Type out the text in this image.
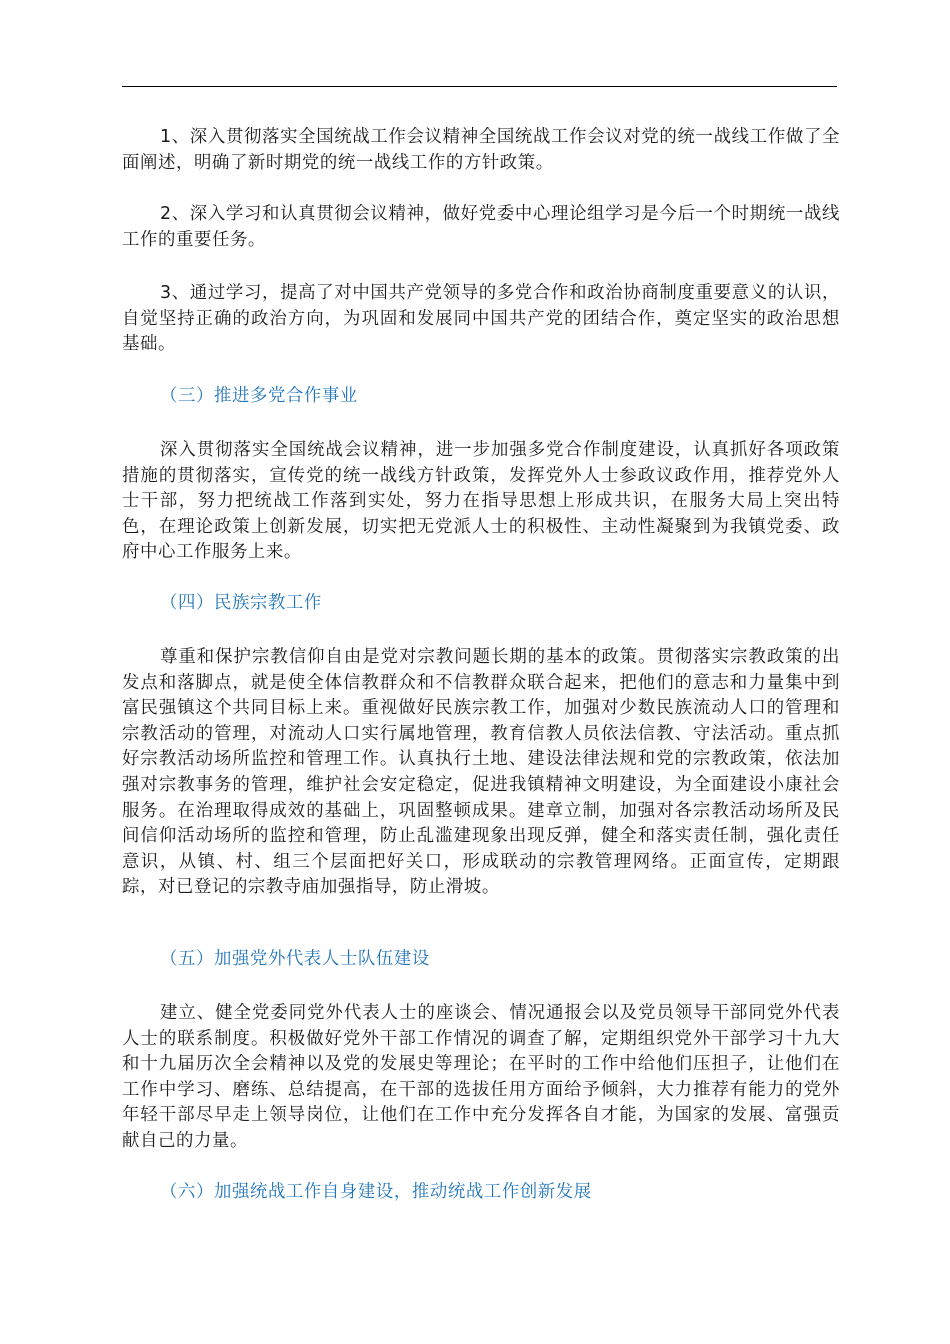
1、深入贯彻落实全国统战工作会议精神全国统战工作会议对党的统一战线工作做了全面阐述，明确了新时期党的统一战线工作的方针政策。

2、深入学习和认真贯彻会议精神，做好党委中心理论组学习是今后一个时期统一战线工作的重要任务。

3、通过学习，提高了对中国共产党领导的多党合作和政治协商制度重要意义的认识，自觉坚持正确的政治方向，为巩固和发展同中国共产党的团结合作，奠定坚实的政治思想基础。

（三）推进多党合作事业

深入贯彻落实全国统战会议精神，进一步加强多党合作制度建设，认真抓好各项政策措施的贯彻落实，宣传党的统一战线方针政策，发挥党外人士参政议政作用，推荐党外人士干部，努力把统战工作落到实处，努力在指导思想上形成共识，在服务大局上突出特色，在理论政策上创新发展，切实把无党派人士的积极性、主动性凝聚到为我镇党委、政府中心工作服务上来。

（四）民族宗教工作

尊重和保护宗教信仰自由是党对宗教问题长期的基本的政策。贯彻落实宗教政策的出发点和落脚点，就是使全体信教群众和不信教群众联合起来，把他们的意志和力量集中到富民强镇这个共同目标上来。重视做好民族宗教工作，加强对少数民族流动人口的管理和宗教活动的管理，对流动人口实行属地管理，教育信教人员依法信教、守法活动。重点抓好宗教活动场所监控和管理工作。认真执行土地、建设法律法规和党的宗教政策，依法加强对宗教事务的管理，维护社会安定稳定，促进我镇精神文明建设，为全面建设小康社会服务。在治理取得成效的基础上，巩固整顿成果。建章立制，加强对各宗教活动场所及民间信仰活动场所的监控和管理，防止乱滥建现象出现反弹，健全和落实责任制，强化责任意识，从镇、村、组三个层面把好关口，形成联动的宗教管理网络。正面宣传，定期跟踪，对已登记的宗教寺庙加强指导，防止滑坡。

（五）加强党外代表人士队伍建设

建立、健全党委同党外代表人士的座谈会、情况通报会以及党员领导干部同党外代表人士的联系制度。积极做好党外干部工作情况的调查了解，定期组织党外干部学习十九大和十九届历次全会精神以及党的发展史等理论；在平时的工作中给他们压担子，让他们在工作中学习、磨练、总结提高，在干部的选拔任用方面给予倾斜，大力推荐有能力的党外年轻干部尽早走上领导岗位，让他们在工作中充分发挥各自才能，为国家的发展、富强贡献自己的力量。

（六）加强统战工作自身建设，推动统战工作创新发展
